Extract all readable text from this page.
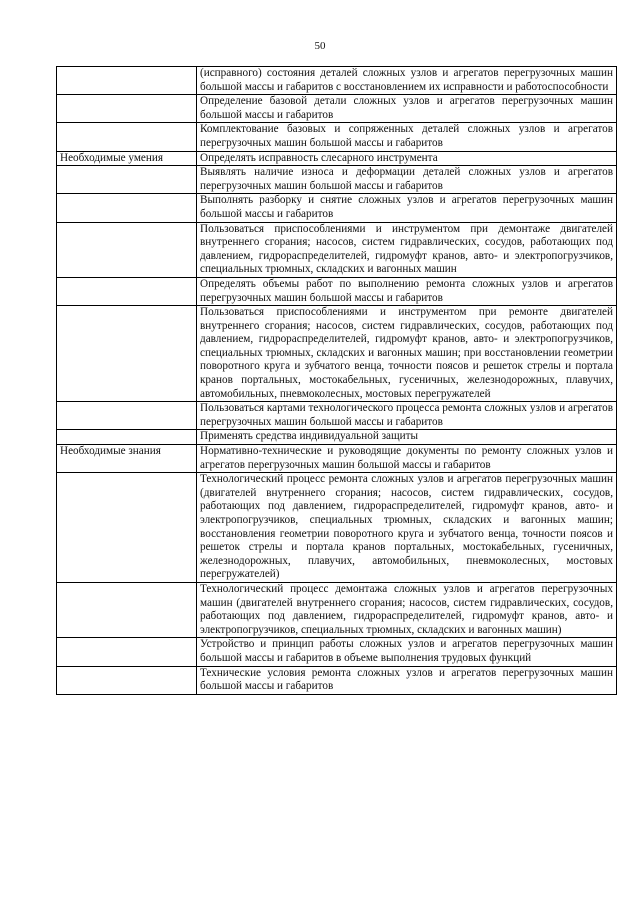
50
	(исправного) состояния деталей сложных узлов и агрегатов перегрузочных машин большой массы и габаритов с восстановлением их исправности и работоспособности
	Определение базовой детали сложных узлов и агрегатов перегрузочных машин большой массы и габаритов
	Комплектование базовых и сопряженных деталей сложных узлов и агрегатов перегрузочных машин большой массы и габаритов
Необходимые умения	Определять исправность слесарного инструмента
	Выявлять наличие износа и деформации деталей сложных узлов и агрегатов перегрузочных машин большой массы и габаритов
	Выполнять разборку и снятие сложных узлов и агрегатов перегрузочных машин большой массы и габаритов
	Пользоваться приспособлениями и инструментом при демонтаже двигателей внутреннего сгорания; насосов, систем гидравлических, сосудов, работающих под давлением, гидрораспределителей, гидромуфт кранов, авто- и электропогрузчиков, специальных трюмных, складских и вагонных машин
	Определять объемы работ по выполнению ремонта сложных узлов и агрегатов перегрузочных машин большой массы и габаритов
	Пользоваться приспособлениями и инструментом при ремонте двигателей внутреннего сгорания; насосов, систем гидравлических, сосудов, работающих под давлением, гидрораспределителей, гидромуфт кранов, авто- и электропогрузчиков, специальных трюмных, складских и вагонных машин; при восстановлении геометрии поворотного круга и зубчатого венца, точности поясов и решеток стрелы и портала кранов портальных, мостокабельных, гусеничных, железнодорожных, плавучих, автомобильных, пневмоколесных, мостовых перегружателей
	Пользоваться картами технологического процесса ремонта сложных узлов и агрегатов перегрузочных машин большой массы и габаритов
	Применять средства индивидуальной защиты
Необходимые знания	Нормативно-технические и руководящие документы по ремонту сложных узлов и агрегатов перегрузочных машин большой массы и габаритов
	Технологический процесс ремонта сложных узлов и агрегатов перегрузочных машин (двигателей внутреннего сгорания; насосов, систем гидравлических, сосудов, работающих под давлением, гидрораспределителей, гидромуфт кранов, авто- и электропогрузчиков, специальных трюмных, складских и вагонных машин; восстановления геометрии поворотного круга и зубчатого венца, точности поясов и решеток стрелы и портала кранов портальных, мостокабельных, гусеничных, железнодорожных, плавучих, автомобильных, пневмоколесных, мостовых перегружателей)
	Технологический процесс демонтажа сложных узлов и агрегатов перегрузочных машин (двигателей внутреннего сгорания; насосов, систем гидравлических, сосудов, работающих под давлением, гидрораспределителей, гидромуфт кранов, авто- и электропогрузчиков, специальных трюмных, складских и вагонных машин)
	Устройство и принцип работы сложных узлов и агрегатов перегрузочных машин большой массы и габаритов в объеме выполнения трудовых функций
	Технические условия ремонта сложных узлов и агрегатов перегрузочных машин большой массы и габаритов
